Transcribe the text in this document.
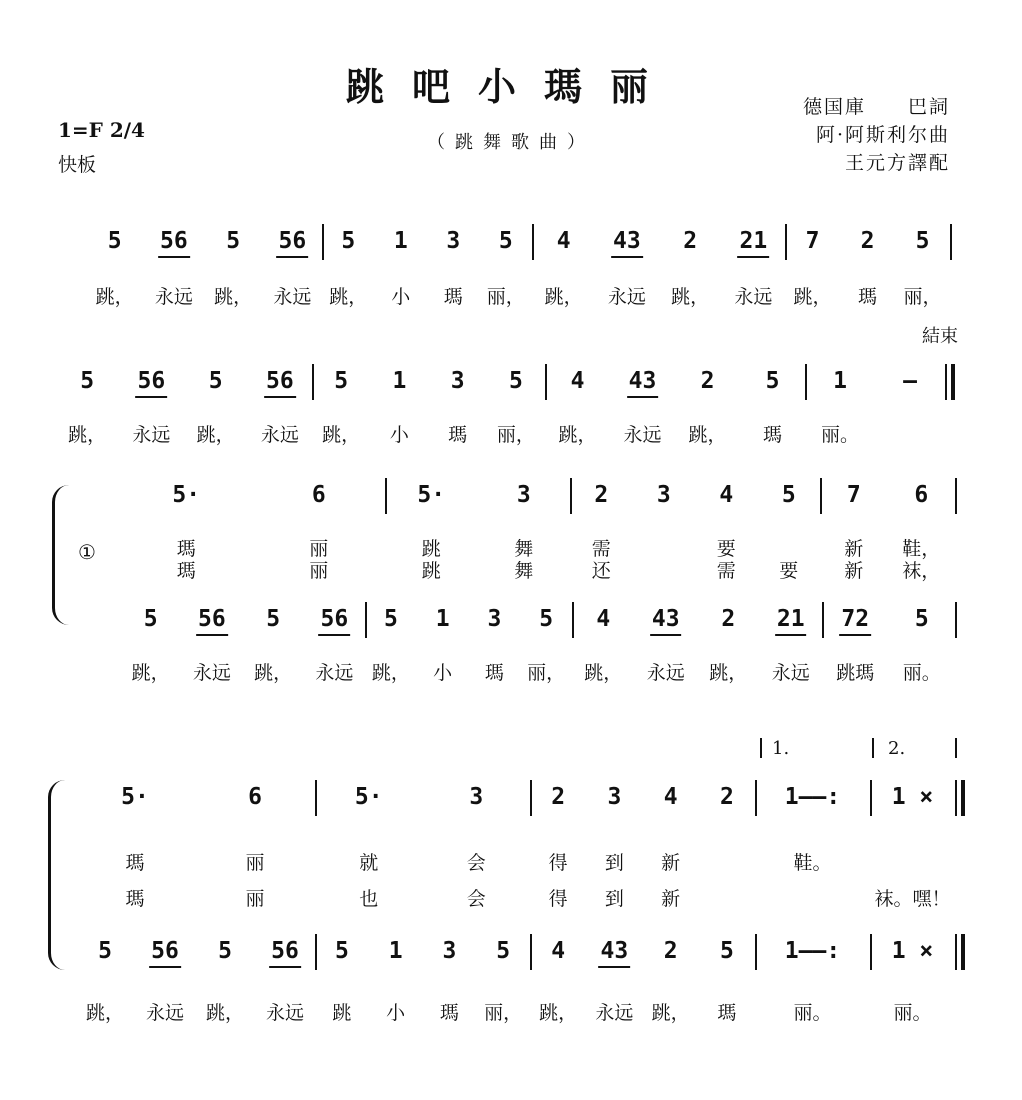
跳吧小瑪丽
（跳舞歌曲）
1=F 2/4
快板
德国庫　　巴詞
阿·阿斯利尔曲
王元方譯配
結束
①
1.	2.
5 56 5 56
跳， 永远 跳， 永远
5 1 3 5
跳， 小 瑪 丽，
4 43 2 21
跳， 永远 跳， 永远
7 2 5
跳， 瑪 丽，
5 56 5 56
跳， 永远 跳， 永远
5 1 3 5
跳， 小 瑪 丽，
4 43 2 5
跳， 永远 跳， 瑪
1 —
丽。
5·	6
瑪	丽
瑪	丽
5·	3
跳	舞
跳	舞
2 3 4 5
需	要
还	需 要
7 6
新 鞋，
新 袜，
5 56 5 56
跳， 永远 跳， 永远
5 1 3 5
跳， 小 瑪 丽，
4 43 2 21
跳， 永远 跳， 永远
72 5
跳瑪 丽。
5·	6
瑪	丽
瑪	丽
5·	3
就	会
也	会
2 3 4 2
得 到 新
得 到 新
1——:
鞋。
1 ×
袜。嘿！
5 56 5 56
跳， 永远 跳， 永远
5 1 3 5
跳 小 瑪 丽，
4 43 2 5
跳， 永远 跳， 瑪
1——:
丽。
1 ×
丽。
